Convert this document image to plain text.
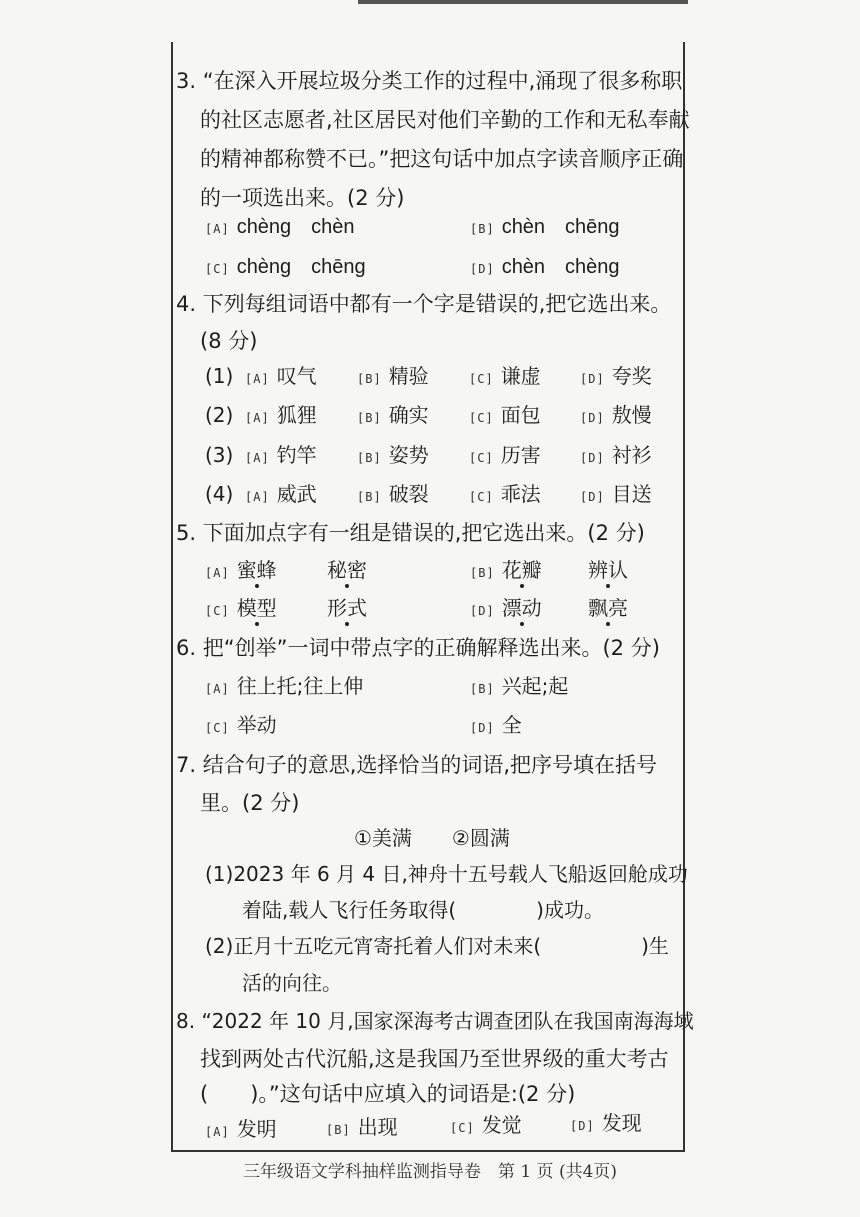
3. “在深入开展垃圾分类工作的过程中,涌现了很多称职
的社区志愿者,社区居民对他们辛勤的工作和无私奉献
的精神都称赞不已。”把这句话中加点字读音顺序正确
的一项选出来。(2 分)
[A] chèng　chèn	[B] chèn　chēng
[C] chèng　chēng	[D] chèn　chèng
4. 下列每组词语中都有一个字是错误的,把它选出来。
(8 分)
(1) [A] 叹气	[B] 精验	[C] 谦虚	[D] 夸奖
(2) [A] 狐狸	[B] 确实	[C] 面包	[D] 敖慢
(3) [A] 钓竿	[B] 姿势	[C] 历害	[D] 衬衫
(4) [A] 威武	[B] 破裂	[C] 乖法	[D] 目送
5. 下面加点字有一组是错误的,把它选出来。(2 分)
[A] 蜜蜂	秘密	[B] 花瓣 辨认
[C] 模型	形式	[D] 漂动 飘亮
6. 把“创举”一词中带点字的正确解释选出来。(2 分)
[A] 往上托;往上伸	[B] 兴起;起
[C] 举动	[D] 全
7. 结合句子的意思,选择恰当的词语,把序号填在括号
里。(2 分)
①美满　　②圆满
(1)2023 年 6 月 4 日,神舟十五号载人飞船返回舱成功
着陆,载人飞行任务取得(　　　　)成功。
(2)正月十五吃元宵寄托着人们对未来(　　　　　)生
活的向往。
8. “2022 年 10 月,国家深海考古调查团队在我国南海海域
找到两处古代沉船,这是我国乃至世界级的重大考古
(　　)。”这句话中应填入的词语是:(2 分)
[A] 发明	[B] 出现	[C] 发觉	[D] 发现
三年级语文学科抽样监测指导卷　第 1 页 (共4页)
